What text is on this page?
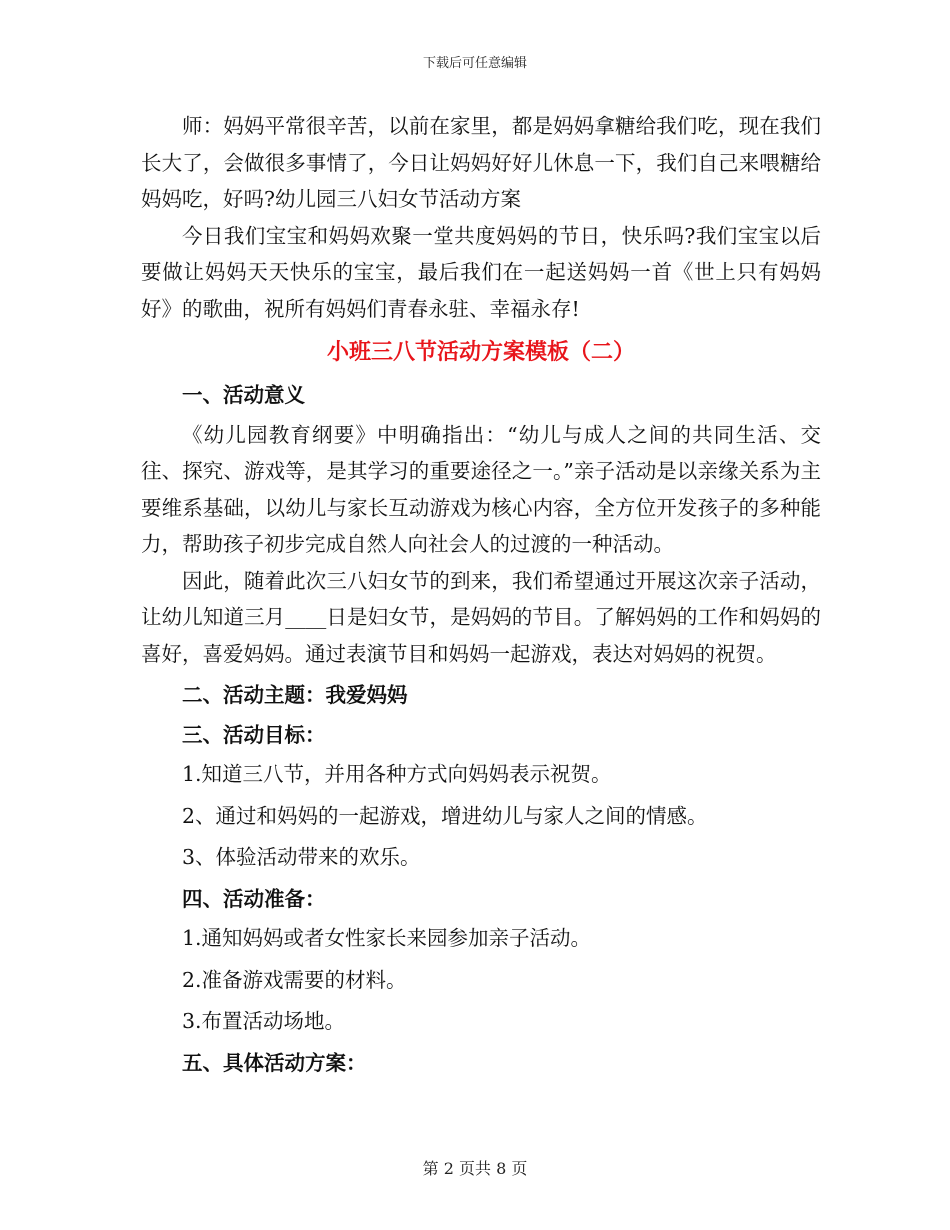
下载后可任意编辑

师：妈妈平常很辛苦，以前在家里，都是妈妈拿糖给我们吃，现在我们长大了，会做很多事情了，今日让妈妈好好儿休息一下，我们自己来喂糖给妈妈吃，好吗?幼儿园三八妇女节活动方案

今日我们宝宝和妈妈欢聚一堂共度妈妈的节日，快乐吗?我们宝宝以后要做让妈妈天天快乐的宝宝，最后我们在一起送妈妈一首《世上只有妈妈好》的歌曲，祝所有妈妈们青春永驻、幸福永存!

小班三八节活动方案模板（二）
一、活动意义

《幼儿园教育纲要》中明确指出：“幼儿与成人之间的共同生活、交往、探究、游戏等，是其学习的重要途径之一。”亲子活动是以亲缘关系为主要维系基础，以幼儿与家长互动游戏为核心内容，全方位开发孩子的多种能力，帮助孩子初步完成自然人向社会人的过渡的一种活动。

因此，随着此次三八妇女节的到来，我们希望通过开展这次亲子活动，让幼儿知道三月____日是妇女节，是妈妈的节目。了解妈妈的工作和妈妈的喜好，喜爱妈妈。通过表演节目和妈妈一起游戏，表达对妈妈的祝贺。

二、活动主题：我爱妈妈
三、活动目标：
1.知道三八节，并用各种方式向妈妈表示祝贺。
2、通过和妈妈的一起游戏，增进幼儿与家人之间的情感。
3、体验活动带来的欢乐。
四、活动准备：
1.通知妈妈或者女性家长来园参加亲子活动。
2.准备游戏需要的材料。
3.布置活动场地。
五、具体活动方案：
第 2 页共 8 页
